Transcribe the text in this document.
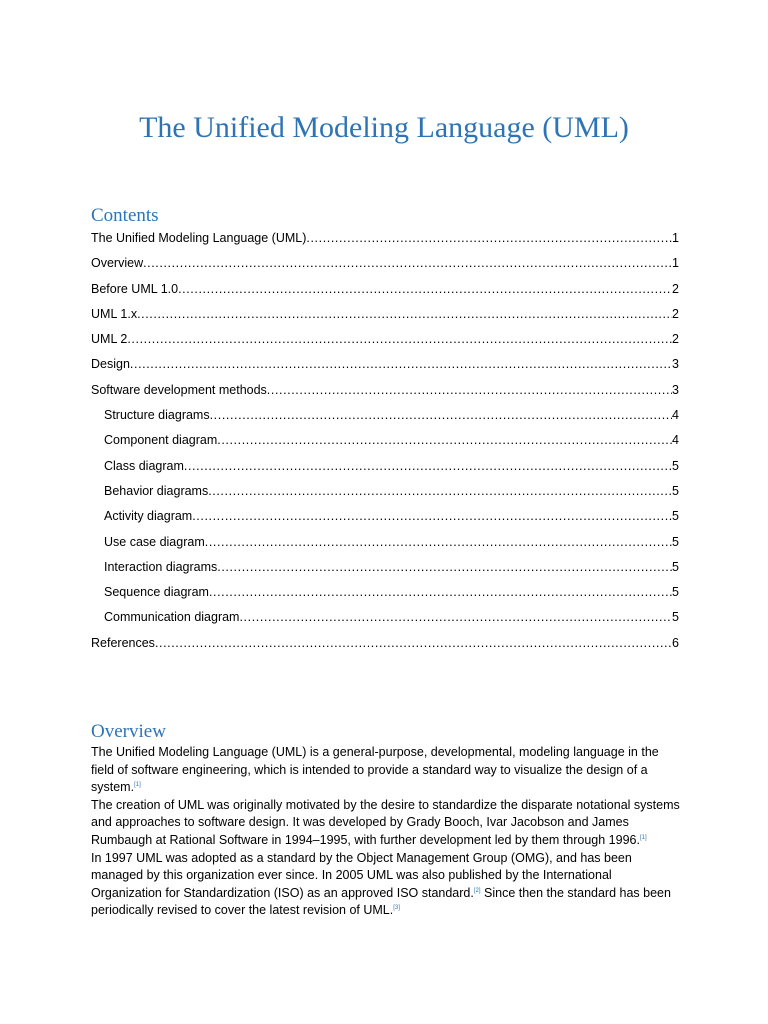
The Unified Modeling Language (UML)
Contents
The Unified Modeling Language (UML) .....	1
Overview .....	1
Before UML 1.0 .....	2
UML 1.x .....	2
UML 2 .....	2
Design .....	3
Software development methods .....	3
Structure diagrams .....	4
Component diagram .....	4
Class diagram .....	5
Behavior diagrams .....	5
Activity diagram .....	5
Use case diagram .....	5
Interaction diagrams .....	5
Sequence diagram .....	5
Communication diagram .....	5
References .....	6
Overview

The Unified Modeling Language (UML) is a general-purpose, developmental, modeling language in the field of software engineering, which is intended to provide a standard way to visualize the design of a system.[1]

The creation of UML was originally motivated by the desire to standardize the disparate notational systems and approaches to software design. It was developed by Grady Booch, Ivar Jacobson and James Rumbaugh at Rational Software in 1994–1995, with further development led by them through 1996.[1]

In 1997 UML was adopted as a standard by the Object Management Group (OMG), and has been managed by this organization ever since. In 2005 UML was also published by the International Organization for Standardization (ISO) as an approved ISO standard.[2] Since then the standard has been periodically revised to cover the latest revision of UML.[3]
